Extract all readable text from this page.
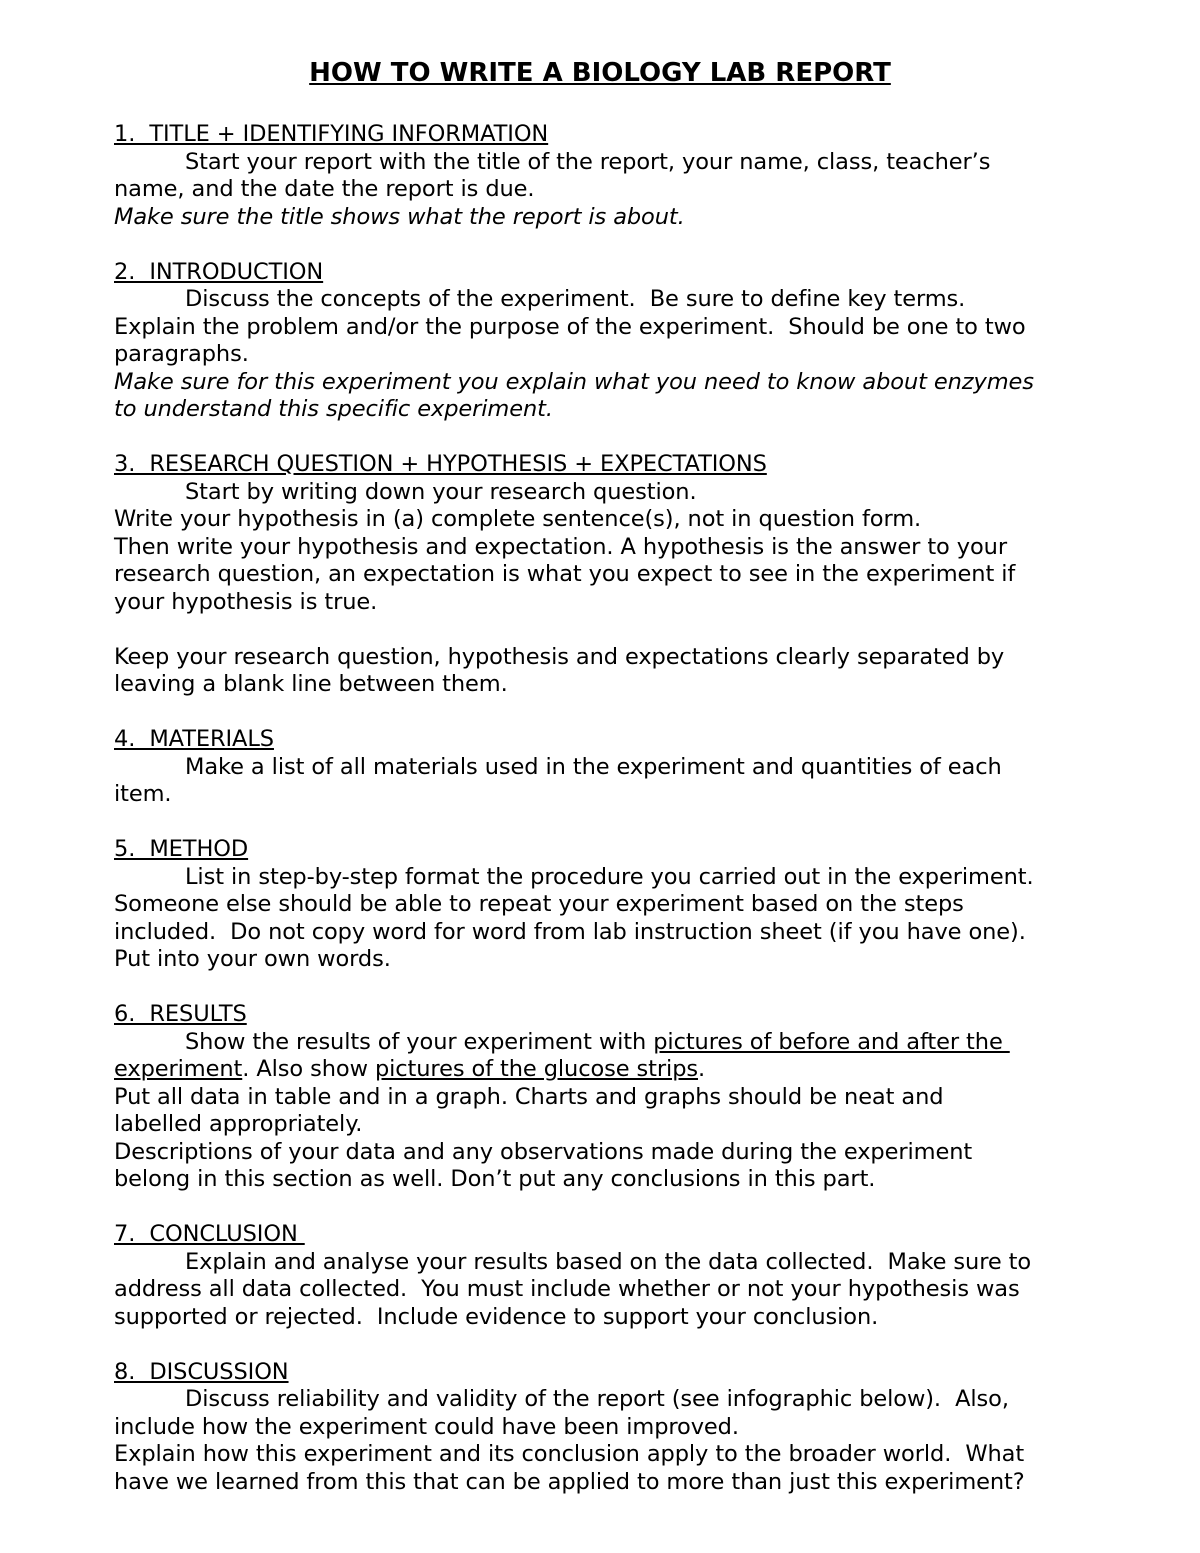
HOW TO WRITE A BIOLOGY LAB REPORT
1.  TITLE + IDENTIFYING INFORMATION
Start your report with the title of the report, your name, class, teacher’s
name, and the date the report is due.
Make sure the title shows what the report is about.
2.  INTRODUCTION
Discuss the concepts of the experiment.  Be sure to define key terms.
Explain the problem and/or the purpose of the experiment.  Should be one to two
paragraphs.
Make sure for this experiment you explain what you need to know about enzymes
to understand this specific experiment.
3.  RESEARCH QUESTION + HYPOTHESIS + EXPECTATIONS
Start by writing down your research question.
Write your hypothesis in (a) complete sentence(s), not in question form.
Then write your hypothesis and expectation. A hypothesis is the answer to your
research question, an expectation is what you expect to see in the experiment if
your hypothesis is true.
Keep your research question, hypothesis and expectations clearly separated by
leaving a blank line between them.
4.  MATERIALS
Make a list of all materials used in the experiment and quantities of each
item.
5.  METHOD
List in step-by-step format the procedure you carried out in the experiment.
Someone else should be able to repeat your experiment based on the steps
included.  Do not copy word for word from lab instruction sheet (if you have one).
Put into your own words.
6.  RESULTS
Show the results of your experiment with pictures of before and after the
experiment. Also show pictures of the glucose strips.
Put all data in table and in a graph. Charts and graphs should be neat and
labelled appropriately.
Descriptions of your data and any observations made during the experiment
belong in this section as well. Don’t put any conclusions in this part.
7.  CONCLUSION
Explain and analyse your results based on the data collected.  Make sure to
address all data collected.  You must include whether or not your hypothesis was
supported or rejected.  Include evidence to support your conclusion.
8.  DISCUSSION
Discuss reliability and validity of the report (see infographic below).  Also,
include how the experiment could have been improved.
Explain how this experiment and its conclusion apply to the broader world.  What
have we learned from this that can be applied to more than just this experiment?
